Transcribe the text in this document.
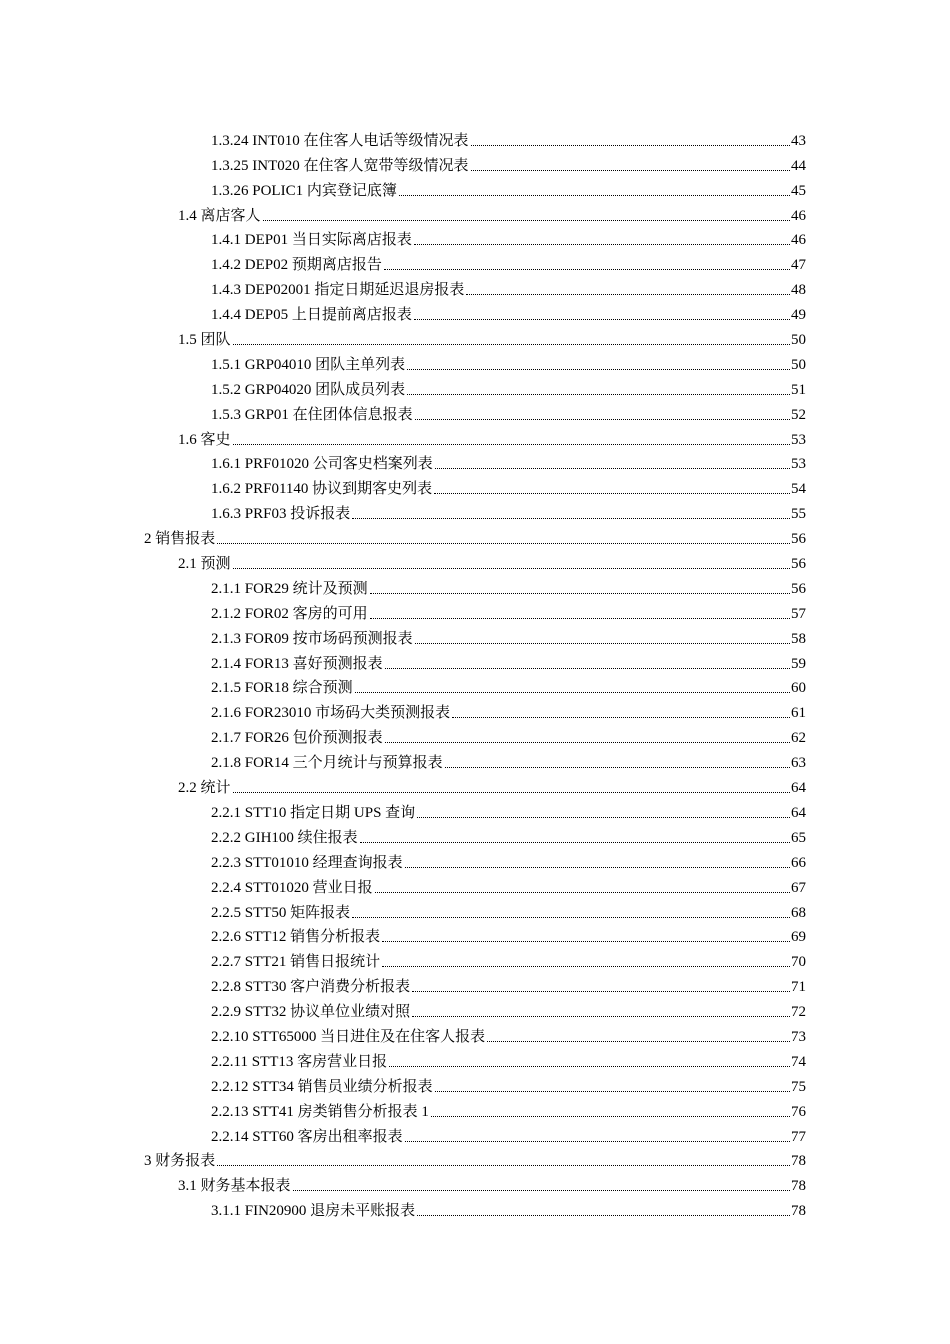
1.3.24 INT010 在住客人电话等级情况表	43
1.3.25 INT020 在住客人宽带等级情况表	44
1.3.26 POLIC1 内宾登记底簿	45
1.4 离店客人	46
1.4.1 DEP01 当日实际离店报表	46
1.4.2 DEP02 预期离店报告	47
1.4.3 DEP02001 指定日期延迟退房报表	48
1.4.4 DEP05 上日提前离店报表	49
1.5 团队	50
1.5.1 GRP04010 团队主单列表	50
1.5.2 GRP04020 团队成员列表	51
1.5.3 GRP01 在住团体信息报表	52
1.6 客史	53
1.6.1 PRF01020 公司客史档案列表	53
1.6.2 PRF01140 协议到期客史列表	54
1.6.3 PRF03 投诉报表	55
2 销售报表	56
2.1 预测	56
2.1.1 FOR29 统计及预测	56
2.1.2 FOR02 客房的可用	57
2.1.3 FOR09 按市场码预测报表	58
2.1.4 FOR13 喜好预测报表	59
2.1.5 FOR18 综合预测	60
2.1.6 FOR23010 市场码大类预测报表	61
2.1.7 FOR26 包价预测报表	62
2.1.8 FOR14 三个月统计与预算报表	63
2.2 统计	64
2.2.1 STT10 指定日期 UPS 查询	64
2.2.2 GIH100 续住报表	65
2.2.3 STT01010 经理查询报表	66
2.2.4 STT01020 营业日报	67
2.2.5 STT50 矩阵报表	68
2.2.6 STT12 销售分析报表	69
2.2.7 STT21 销售日报统计	70
2.2.8 STT30 客户消费分析报表	71
2.2.9 STT32 协议单位业绩对照	72
2.2.10 STT65000 当日进住及在住客人报表	73
2.2.11 STT13 客房营业日报	74
2.2.12 STT34 销售员业绩分析报表	75
2.2.13 STT41 房类销售分析报表 1	76
2.2.14 STT60 客房出租率报表	77
3 财务报表	78
3.1 财务基本报表	78
3.1.1 FIN20900 退房未平账报表	78
